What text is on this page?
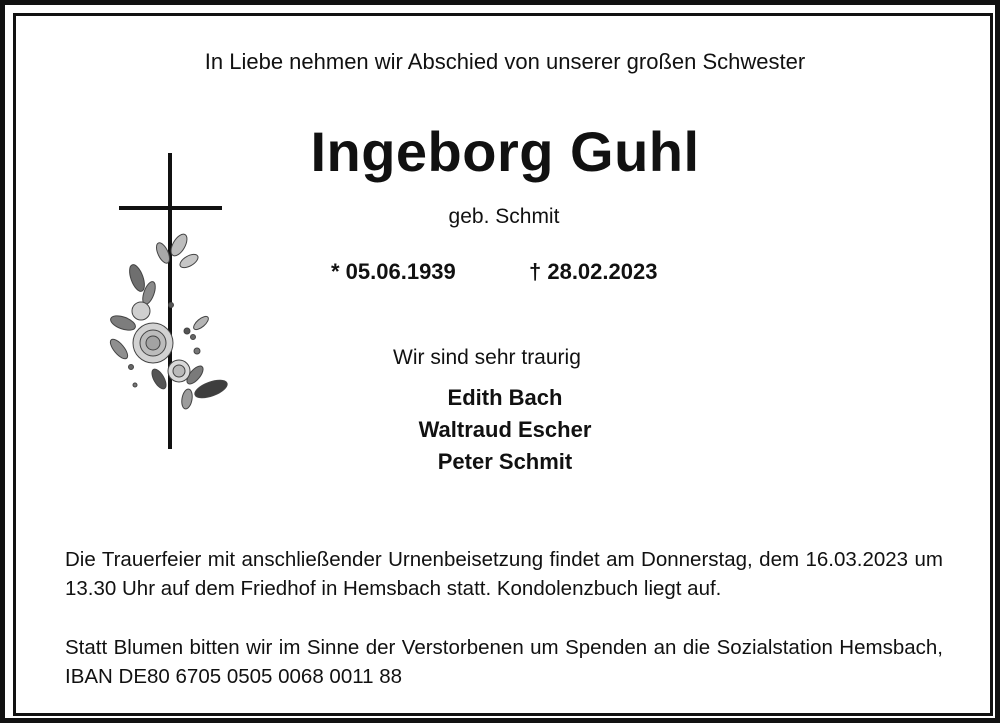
In Liebe nehmen wir Abschied von unserer großen Schwester
Ingeborg Guhl
geb. Schmit
* 05.06.1939	† 28.02.2023
Wir sind sehr traurig
Edith Bach
Waltraud Escher
Peter Schmit
Die Trauerfeier mit anschließender Urnenbeisetzung findet am Donnerstag, dem 16.03.2023 um 13.30 Uhr auf dem Friedhof in Hemsbach statt. Kondolenzbuch liegt auf.
Statt Blumen bitten wir im Sinne der Verstorbenen um Spenden an die Sozialstation Hemsbach, IBAN DE80 6705 0505 0068 0011 88
